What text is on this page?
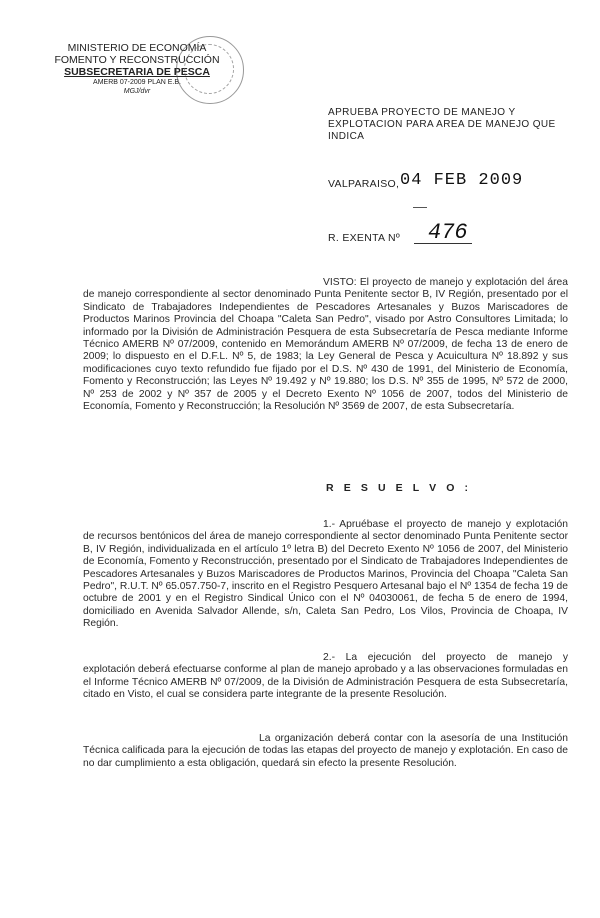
MINISTERIO DE ECONOMÍA
FOMENTO Y RECONSTRUCCIÓN
SUBSECRETARIA DE PESCA
AMERB 07-2009 PLAN E.B.
MGJ/dvr
APRUEBA PROYECTO DE MANEJO Y EXPLOTACION PARA AREA DE MANEJO QUE INDICA
VALPARAISO, 04 FEB 2009
R. EXENTA Nº 476
VISTO: El proyecto de manejo y explotación del área de manejo correspondiente al sector denominado Punta Penitente sector B, IV Región, presentado por el Sindicato de Trabajadores Independientes de Pescadores Artesanales y Buzos Mariscadores de Productos Marinos Provincia del Choapa "Caleta San Pedro", visado por Astro Consultores Limitada; lo informado por la División de Administración Pesquera de esta Subsecretaría de Pesca mediante Informe Técnico AMERB Nº 07/2009, contenido en Memorándum AMERB Nº 07/2009, de fecha 13 de enero de 2009; lo dispuesto en el D.F.L. Nº 5, de 1983; la Ley General de Pesca y Acuicultura Nº 18.892 y sus modificaciones cuyo texto refundido fue fijado por el D.S. Nº 430 de 1991, del Ministerio de Economía, Fomento y Reconstrucción; las Leyes Nº 19.492 y Nº 19.880; los D.S. Nº 355 de 1995, Nº 572 de 2000, Nº 253 de 2002 y Nº 357 de 2005 y el Decreto Exento Nº 1056 de 2007, todos del Ministerio de Economía, Fomento y Reconstrucción; la Resolución Nº 3569 de 2007, de esta Subsecretaría.
R E S U E L V O :
1.- Apruébase el proyecto de manejo y explotación de recursos bentónicos del área de manejo correspondiente al sector denominado Punta Penitente sector B, IV Región, individualizada en el artículo 1º letra B) del Decreto Exento Nº 1056 de 2007, del Ministerio de Economía, Fomento y Reconstrucción, presentado por el Sindicato de Trabajadores Independientes de Pescadores Artesanales y Buzos Mariscadores de Productos Marinos, Provincia del Choapa "Caleta San Pedro", R.U.T. Nº 65.057.750-7, inscrito en el Registro Pesquero Artesanal bajo el Nº 1354 de fecha 19 de octubre de 2001 y en el Registro Sindical Único con el Nº 04030061, de fecha 5 de enero de 1994, domiciliado en Avenida Salvador Allende, s/n, Caleta San Pedro, Los Vilos, Provincia de Choapa, IV Región.
2.- La ejecución del proyecto de manejo y explotación deberá efectuarse conforme al plan de manejo aprobado y a las observaciones formuladas en el Informe Técnico AMERB Nº 07/2009, de la División de Administración Pesquera de esta Subsecretaría, citado en Visto, el cual se considera parte integrante de la presente Resolución.
La organización deberá contar con la asesoría de una Institución Técnica calificada para la ejecución de todas las etapas del proyecto de manejo y explotación. En caso de no dar cumplimiento a esta obligación, quedará sin efecto la presente Resolución.
